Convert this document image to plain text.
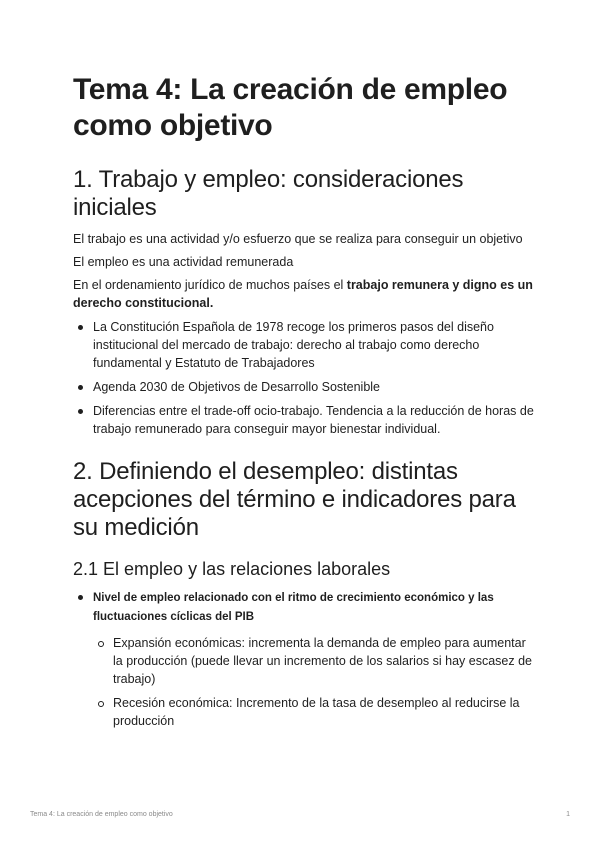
Tema 4: La creación de empleo como objetivo
1. Trabajo y empleo: consideraciones iniciales

El trabajo es una actividad y/o esfuerzo que se realiza para conseguir un objetivo

El empleo es una actividad remunerada

En el ordenamiento jurídico de muchos países el trabajo remunera y digno es un derecho constitucional.

La Constitución Española de 1978 recoge los primeros pasos del diseño institucional del mercado de trabajo: derecho al trabajo como derecho fundamental y Estatuto de Trabajadores
Agenda 2030 de Objetivos de Desarrollo Sostenible
Diferencias entre el trade-off ocio-trabajo. Tendencia a la reducción de horas de trabajo remunerado para conseguir mayor bienestar individual.
2. Definiendo el desempleo: distintas acepciones del término e indicadores para su medición
2.1 El empleo y las relaciones laborales
Nivel de empleo relacionado con el ritmo de crecimiento económico y las fluctuaciones cíclicas del PIB
Expansión económicas: incrementa la demanda de empleo para aumentar la producción (puede llevar un incremento de los salarios si hay escasez de trabajo)
Recesión económica: Incremento de la tasa de desempleo al reducirse la producción
Tema 4: La creación de empleo como objetivo	1
